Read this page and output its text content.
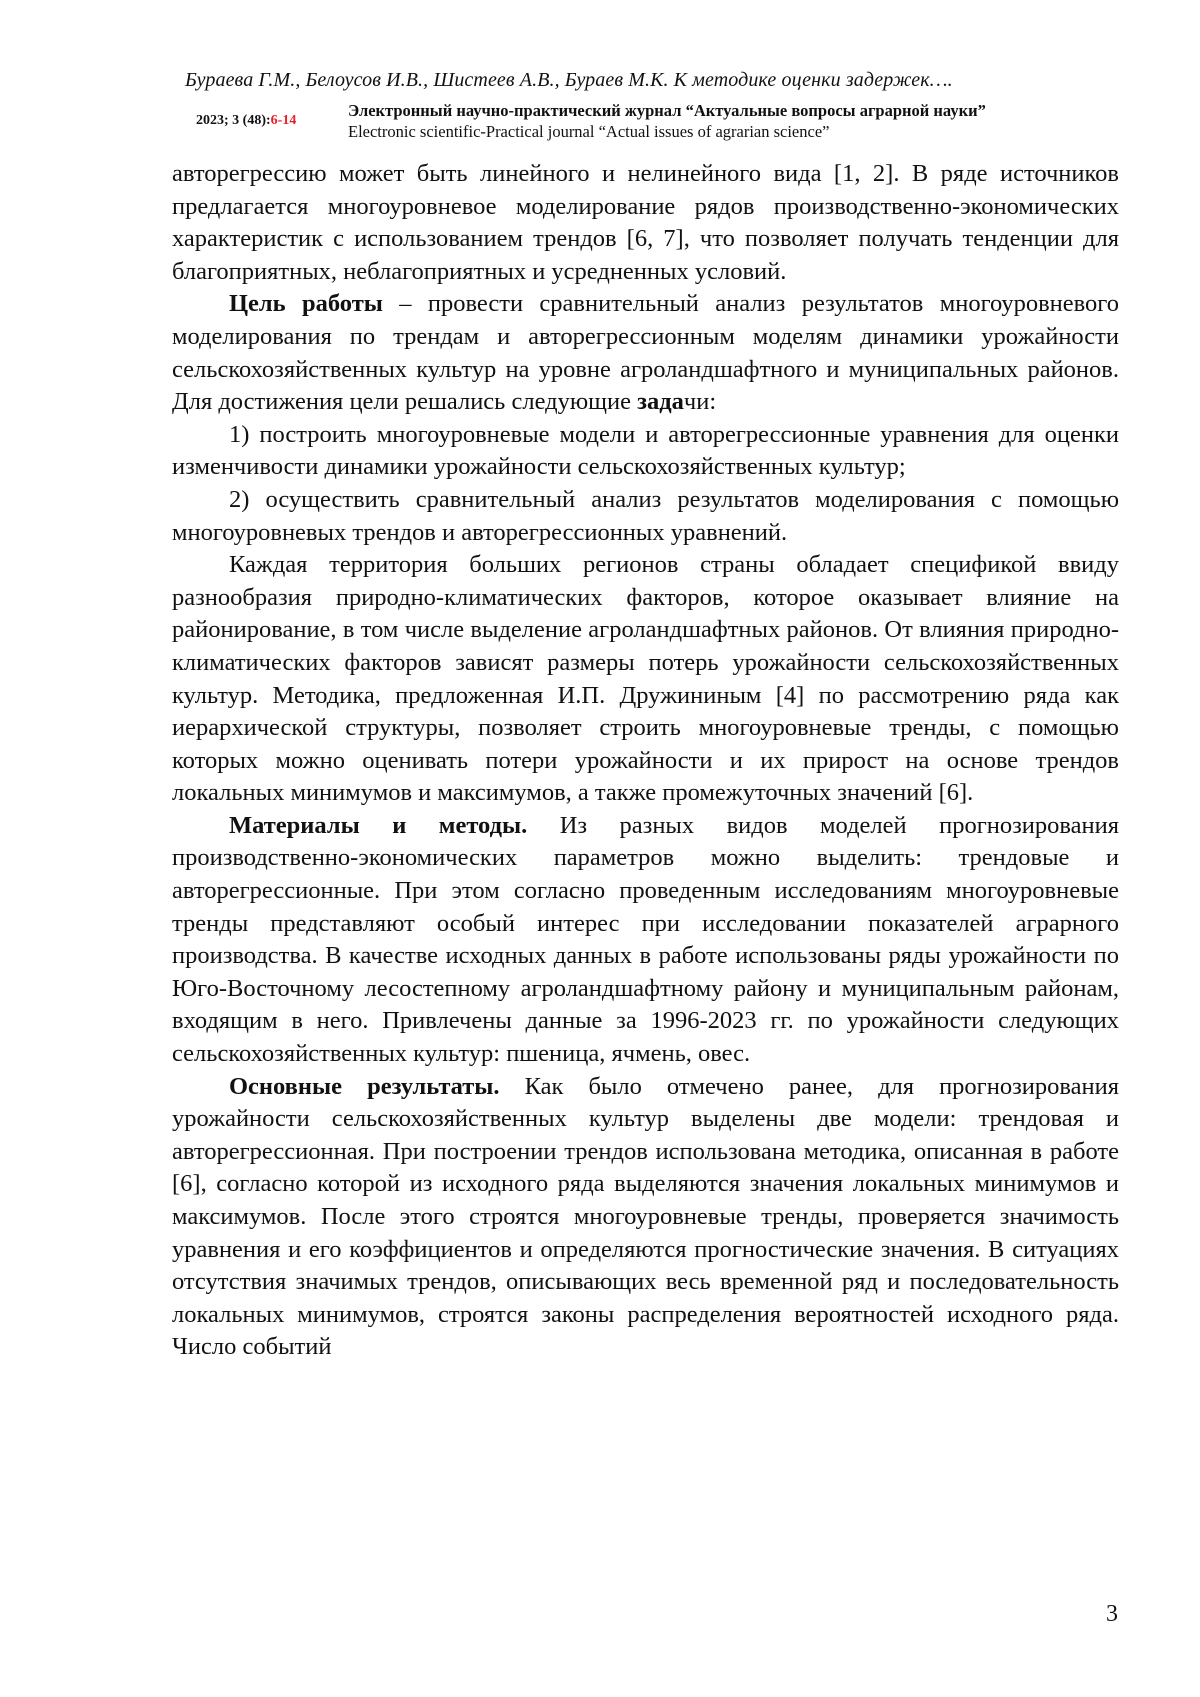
Бураева Г.М., Белоусов И.В., Шистеев А.В., Бураев М.К. К методике оценки задержек….
2023; 3 (48):6-14
Электронный научно-практический журнал “Актуальные вопросы аграрной науки”
Electronic scientific-Practical journal “Actual issues of agrarian science”

авторегрессию может быть линейного и нелинейного вида [1, 2]. В ряде источников предлагается многоуровневое моделирование рядов производственно-экономических характеристик с использованием трендов [6, 7], что позволяет получать тенденции для благоприятных, неблагоприятных и усредненных условий.

Цель работы – провести сравнительный анализ результатов многоуровневого моделирования по трендам и авторегрессионным моделям динамики урожайности сельскохозяйственных культур на уровне агроландшафтного и муниципальных районов. Для достижения цели решались следующие задачи:

1) построить многоуровневые модели и авторегрессионные уравнения для оценки изменчивости динамики урожайности сельскохозяйственных культур;

2) осуществить сравнительный анализ результатов моделирования с помощью многоуровневых трендов и авторегрессионных уравнений.

Каждая территория больших регионов страны обладает спецификой ввиду разнообразия природно-климатических факторов, которое оказывает влияние на районирование, в том числе выделение агроландшафтных районов. От влияния природно-климатических факторов зависят размеры потерь урожайности сельскохозяйственных культур. Методика, предложенная И.П. Дружининым [4] по рассмотрению ряда как иерархической структуры, позволяет строить многоуровневые тренды, с помощью которых можно оценивать потери урожайности и их прирост на основе трендов локальных минимумов и максимумов, а также промежуточных значений [6].

Материалы и методы. Из разных видов моделей прогнозирования производственно-экономических параметров можно выделить: трендовые и авторегрессионные. При этом согласно проведенным исследованиям многоуровневые тренды представляют особый интерес при исследовании показателей аграрного производства. В качестве исходных данных в работе использованы ряды урожайности по Юго-Восточному лесостепному агроландшафтному району и муниципальным районам, входящим в него. Привлечены данные за 1996-2023 гг. по урожайности следующих сельскохозяйственных культур: пшеница, ячмень, овес.

Основные результаты. Как было отмечено ранее, для прогнозирования урожайности сельскохозяйственных культур выделены две модели: трендовая и авторегрессионная. При построении трендов использована методика, описанная в работе [6], согласно которой из исходного ряда выделяются значения локальных минимумов и максимумов. После этого строятся многоуровневые тренды, проверяется значимость уравнения и его коэффициентов и определяются прогностические значения. В ситуациях отсутствия значимых трендов, описывающих весь временной ряд и последовательность локальных минимумов, строятся законы распределения вероятностей исходного ряда. Число событий

3
